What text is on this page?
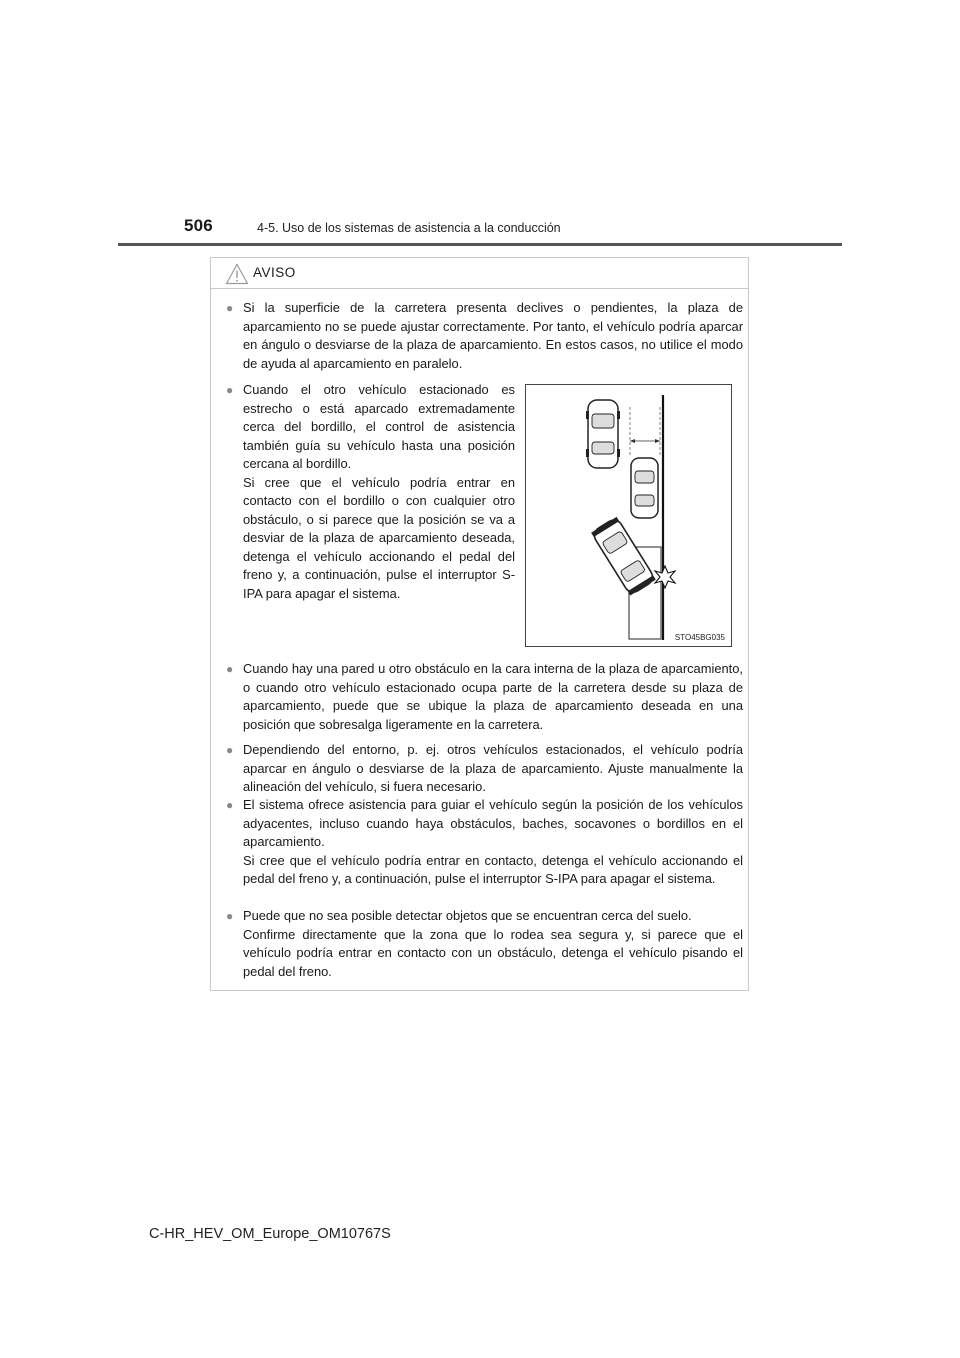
506	4-5. Uso de los sistemas de asistencia a la conducción
AVISO
● Si la superficie de la carretera presenta declives o pendientes, la plaza de aparcamiento no se puede ajustar correctamente. Por tanto, el vehículo podría aparcar en ángulo o desviarse de la plaza de aparcamiento. En estos casos, no utilice el modo de ayuda al aparcamiento en paralelo.

● Cuando el otro vehículo estacionado es estrecho o está aparcado extremadamente cerca del bordillo, el control de asistencia también guía su vehículo hasta una posición cercana al bordillo.

Si cree que el vehículo podría entrar en contacto con el bordillo o con cualquier otro obstáculo, o si parece que la posición se va a desviar de la plaza de aparcamiento deseada, detenga el vehículo accionando el pedal del freno y, a continuación, pulse el interruptor S-IPA para apagar el sistema.

STO45BG035
● Cuando hay una pared u otro obstáculo en la cara interna de la plaza de aparcamiento, o cuando otro vehículo estacionado ocupa parte de la carretera desde su plaza de aparcamiento, puede que se ubique la plaza de aparcamiento deseada en una posición que sobresalga ligeramente en la carretera.

● Dependiendo del entorno, p. ej. otros vehículos estacionados, el vehículo podría aparcar en ángulo o desviarse de la plaza de aparcamiento. Ajuste manualmente la alineación del vehículo, si fuera necesario.

● El sistema ofrece asistencia para guiar el vehículo según la posición de los vehículos adyacentes, incluso cuando haya obstáculos, baches, socavones o bordillos en el aparcamiento.

Si cree que el vehículo podría entrar en contacto, detenga el vehículo accionando el pedal del freno y, a continuación, pulse el interruptor S-IPA para apagar el sistema.

● Puede que no sea posible detectar objetos que se encuentran cerca del suelo.

Confirme directamente que la zona que lo rodea sea segura y, si parece que el vehículo podría entrar en contacto con un obstáculo, detenga el vehículo pisando el pedal del freno.

C-HR_HEV_OM_Europe_OM10767S
